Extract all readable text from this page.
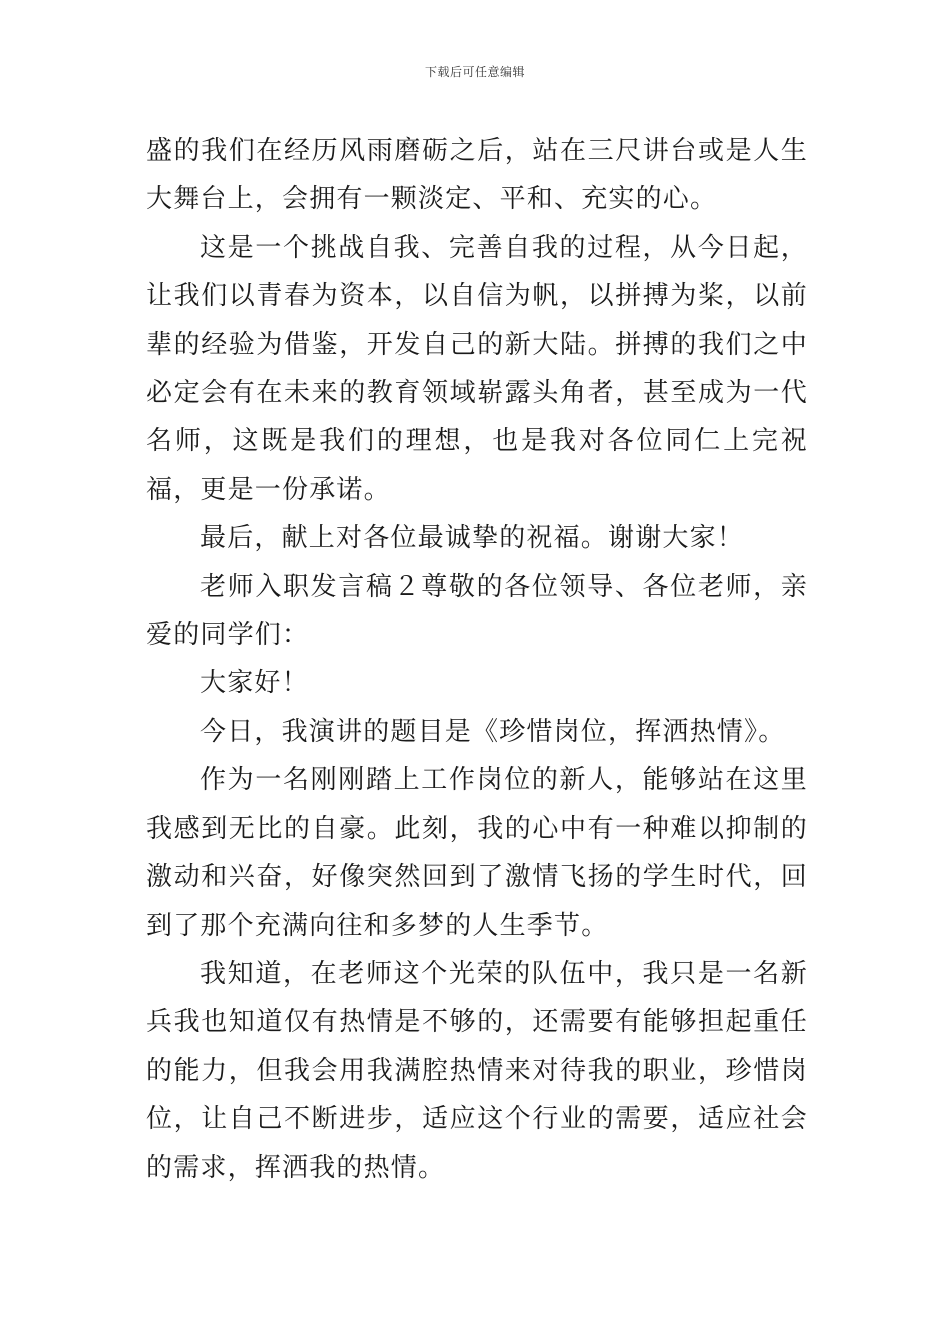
下载后可任意编辑

盛的我们在经历风雨磨砺之后，站在三尺讲台或是人生大舞台上，会拥有一颗淡定、平和、充实的心。

这是一个挑战自我、完善自我的过程，从今日起，让我们以青春为资本，以自信为帆，以拼搏为桨，以前辈的经验为借鉴，开发自己的新大陆。拼搏的我们之中必定会有在未来的教育领域崭露头角者，甚至成为一代名师，这既是我们的理想，也是我对各位同仁上完祝福，更是一份承诺。

最后，献上对各位最诚挚的祝福。谢谢大家！

老师入职发言稿２尊敬的各位领导、各位老师，亲爱的同学们：

大家好！

今日，我演讲的题目是《珍惜岗位，挥洒热情》。

作为一名刚刚踏上工作岗位的新人，能够站在这里我感到无比的自豪。此刻，我的心中有一种难以抑制的激动和兴奋，好像突然回到了激情飞扬的学生时代，回到了那个充满向往和多梦的人生季节。

我知道，在老师这个光荣的队伍中，我只是一名新兵我也知道仅有热情是不够的，还需要有能够担起重任的能力，但我会用我满腔热情来对待我的职业，珍惜岗位，让自己不断进步，适应这个行业的需要，适应社会的需求，挥洒我的热情。
